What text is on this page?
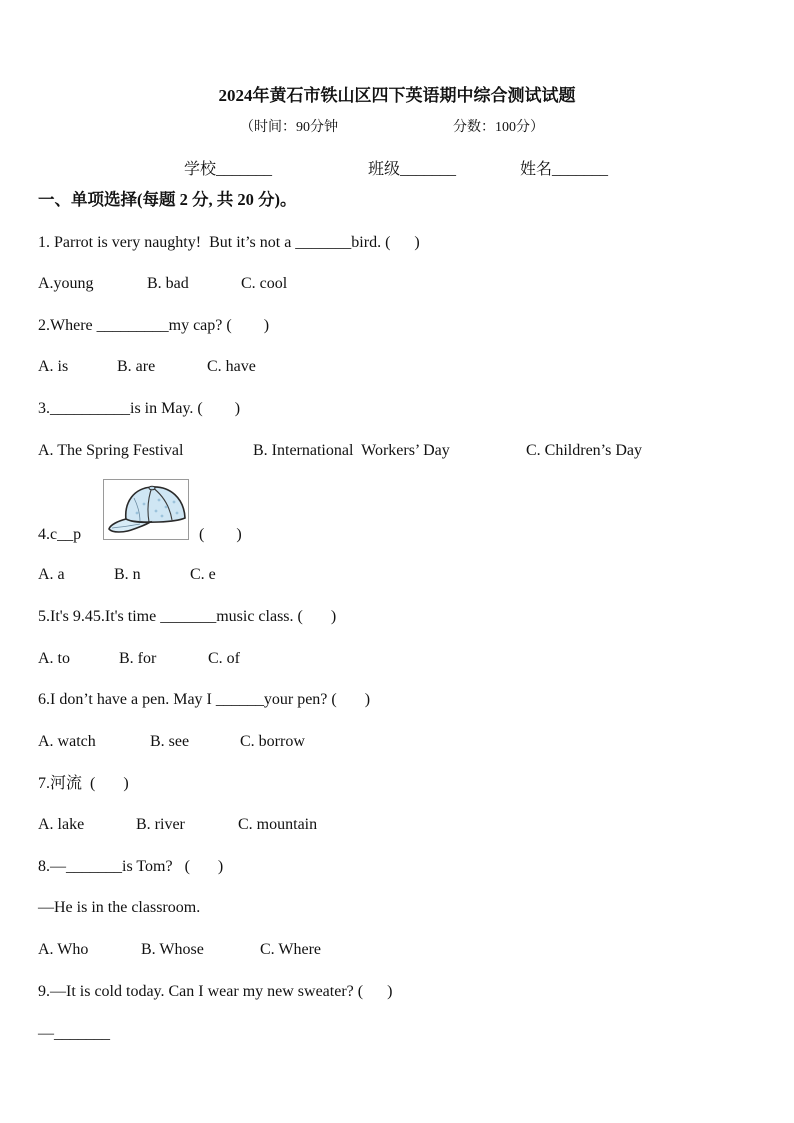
2024年黄石市铁山区四下英语期中综合测试试题
（时间：90分钟	分数：100分）
学校_______	班级_______	姓名_______
一、单项选择(每题 2 分, 共 20 分)。
1. Parrot is very naughty!  But it’s not a _______bird. (      )
A.young	B. bad	C. cool
2.Where _________my cap? (        )
A. is	B. are	C. have
3.__________is in May. (        )
A. The Spring Festival	B. International  Workers’ Day	C. Children’s Day
4.c__p	(        )
A. a	B. n	C. e
5.It's 9.45.It's time _______music class. (       )
A. to	B. for	C. of
6.I don’t have a pen. May I ______your pen? (       )
A. watch	B. see	C. borrow
7.河流  (       )
A. lake	B. river	C. mountain
8.—_______is Tom?   (       )
—He is in the classroom.
A. Who	B. Whose	C. Where
9.—It is cold today. Can I wear my new sweater? (      )
—_______
